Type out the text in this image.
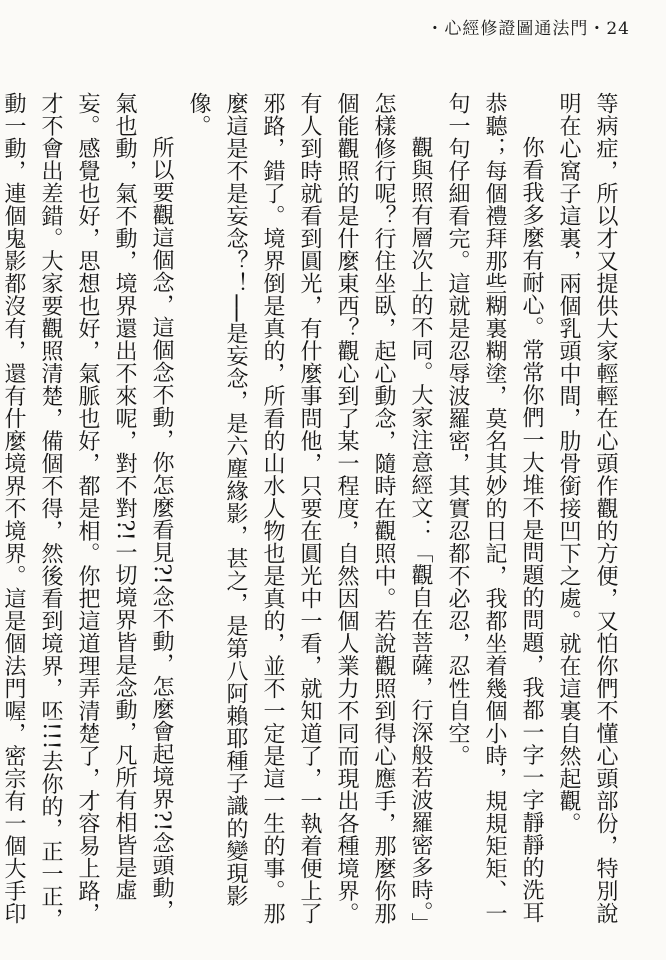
・心經修證圖通法門・24

等病症，所以才又提供大家輕輕在心頭作觀的方便，又怕你們不懂心頭部份，特別說明在心窩子這裏，兩個乳頭中間，肋骨銜接凹下之處。就在這裏自然起觀。

你看我多麼有耐心。常常你們一大堆不是問題的問題，我都一字一字靜靜的洗耳恭聽；每個禮拜那些糊裏糊塗，莫名其妙的日記，我都坐着幾個小時，規規矩矩、一句一句仔細看完。這就是忍辱波羅密，其實忍都不必忍，忍性自空。

觀與照有層次上的不同。大家注意經文：「觀自在菩薩，行深般若波羅密多時。」怎樣修行呢？行住坐臥，起心動念，隨時在觀照中。若說觀照到得心應手，那麼你那個能觀照的是什麼東西？觀心到了某一程度，自然因個人業力不同而現出各種境界。有人到時就看到圓光，有什麼事問他，只要在圓光中一看，就知道了，一執着便上了邪路，錯了。境界倒是真的，所看的山水人物也是真的，並不一定是這一生的事。那麼這是不是妄念？！──是妄念，是六塵緣影，甚之，是第八阿賴耶種子識的變現影像。

所以要觀這個念，這個念不動，你怎麼看見?!念不動，怎麼會起境界?!念頭動，氣也動，氣不動，境界還出不來呢，對不對?!一切境界皆是念動，凡所有相皆是虛妄。感覺也好，思想也好，氣脈也好，都是相。你把這道理弄清楚了，才容易上路，才不會出差錯。大家要觀照清楚，備個不得，然後看到境界，呸!!!去你的，正一正，動一動，連個鬼影都沒有，還有什麼境界不境界。這是個法門喔，密宗有一個大手印
